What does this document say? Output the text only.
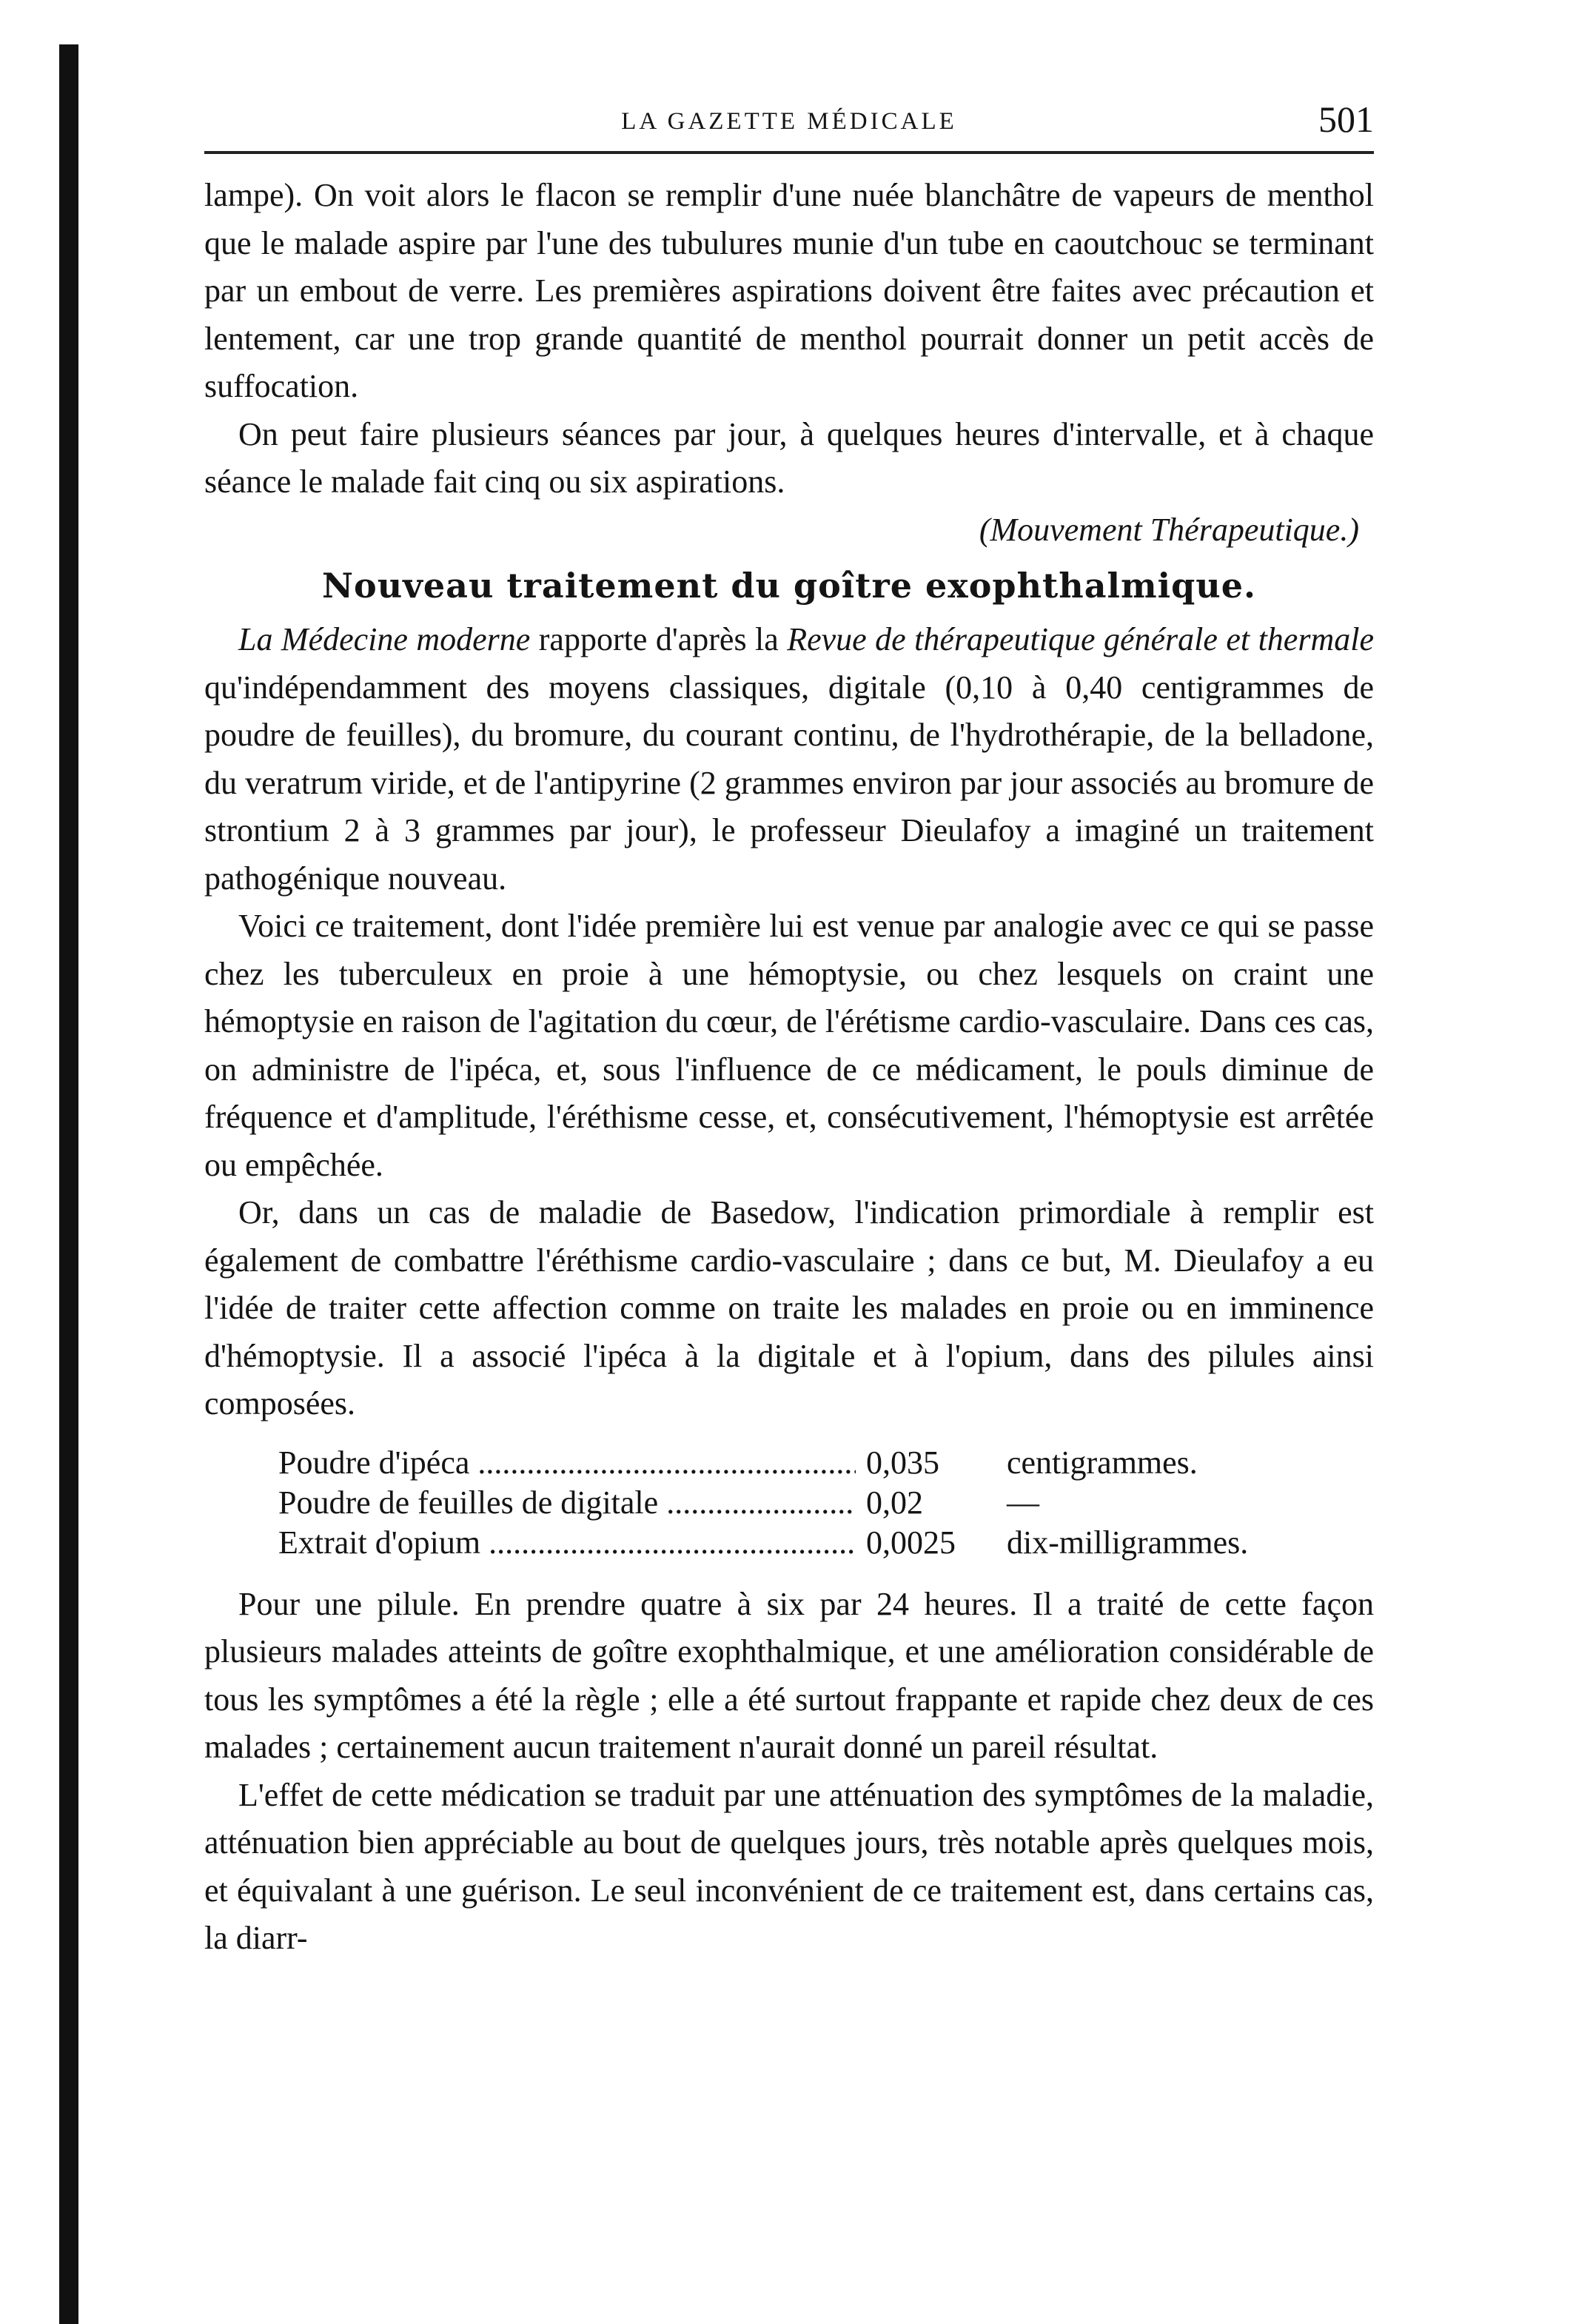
LA GAZETTE MÉDICALE	501

lampe). On voit alors le flacon se remplir d'une nuée blanchâtre de vapeurs de menthol que le malade aspire par l'une des tubulures munie d'un tube en caoutchouc se terminant par un embout de verre. Les premières aspirations doivent être faites avec précaution et lentement, car une trop grande quantité de menthol pourrait donner un petit accès de suffocation.

On peut faire plusieurs séances par jour, à quelques heures d'intervalle, et à chaque séance le malade fait cinq ou six aspirations.

(Mouvement Thérapeutique.)
Nouveau traitement du goître exophthalmique.

La Médecine moderne rapporte d'après la Revue de thérapeutique générale et thermale qu'indépendamment des moyens classiques, digitale (0,10 à 0,40 centigrammes de poudre de feuilles), du bromure, du courant continu, de l'hydrothérapie, de la belladone, du veratrum viride, et de l'antipyrine (2 grammes environ par jour associés au bromure de strontium 2 à 3 grammes par jour), le professeur Dieulafoy a imaginé un traitement pathogénique nouveau.

Voici ce traitement, dont l'idée première lui est venue par analogie avec ce qui se passe chez les tuberculeux en proie à une hémoptysie, ou chez lesquels on craint une hémoptysie en raison de l'agitation du cœur, de l'érétisme cardio-vasculaire. Dans ces cas, on administre de l'ipéca, et, sous l'influence de ce médicament, le pouls diminue de fréquence et d'amplitude, l'éréthisme cesse, et, consécutivement, l'hémoptysie est arrêtée ou empêchée.

Or, dans un cas de maladie de Basedow, l'indication primordiale à remplir est également de combattre l'éréthisme cardio-vasculaire ; dans ce but, M. Dieulafoy a eu l'idée de traiter cette affection comme on traite les malades en proie ou en imminence d'hémoptysie. Il a associé l'ipéca à la digitale et à l'opium, dans des pilules ainsi composées.

Poudre d'ipéca .....	0,035	centigrammes.
Poudre de feuilles de digitale .....	0,02	—
Extrait d'opium .....	0,0025	dix-milligrammes.

Pour une pilule. En prendre quatre à six par 24 heures. Il a traité de cette façon plusieurs malades atteints de goître exophthalmique, et une amélioration considérable de tous les symptômes a été la règle ; elle a été surtout frappante et rapide chez deux de ces malades ; certainement aucun traitement n'aurait donné un pareil résultat.

L'effet de cette médication se traduit par une atténuation des symptômes de la maladie, atténuation bien appréciable au bout de quelques jours, très notable après quelques mois, et équivalant à une guérison. Le seul inconvénient de ce traitement est, dans certains cas, la diarr-
